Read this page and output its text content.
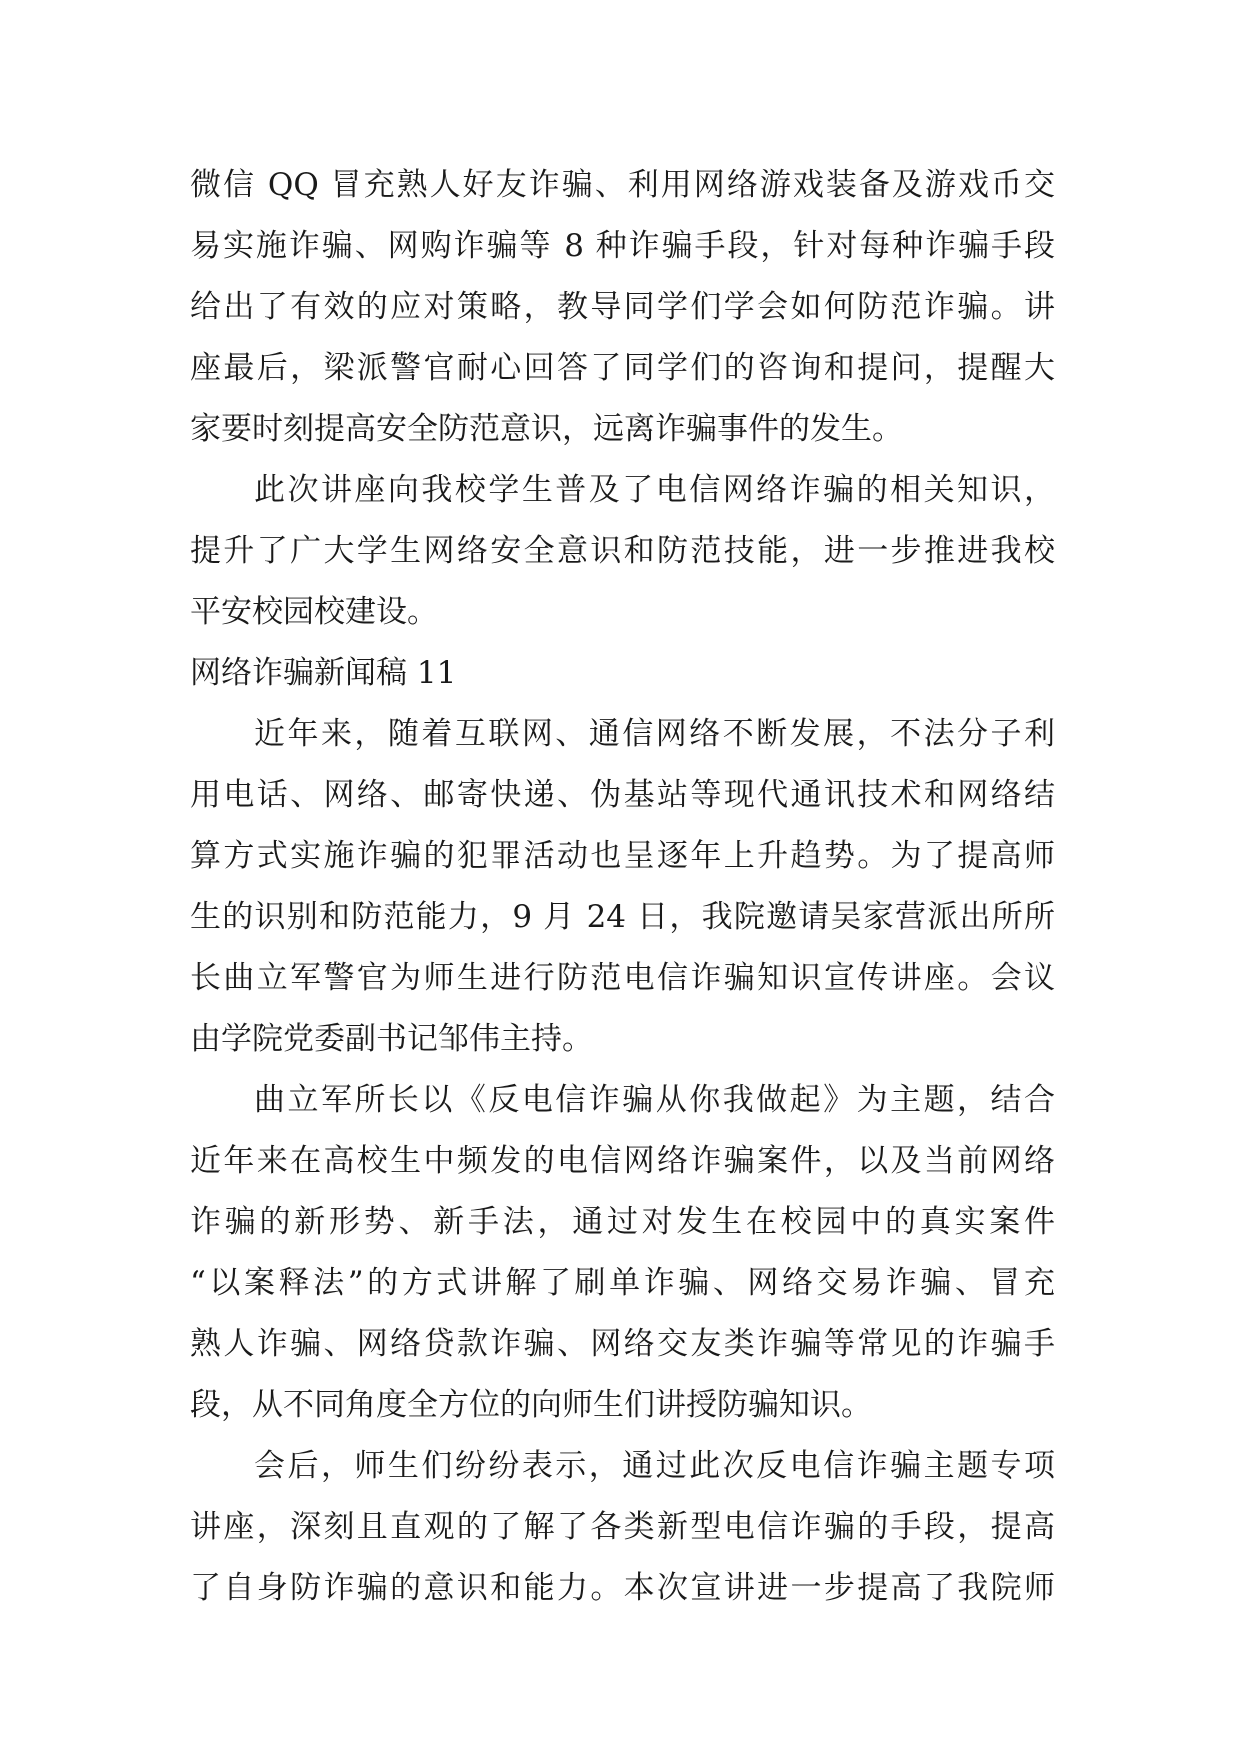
微信 QQ 冒充熟人好友诈骗、利用网络游戏装备及游戏币交
易实施诈骗、网购诈骗等 8 种诈骗手段，针对每种诈骗手段
给出了有效的应对策略，教导同学们学会如何防范诈骗。讲
座最后，梁派警官耐心回答了同学们的咨询和提问，提醒大
家要时刻提高安全防范意识，远离诈骗事件的发生。
此次讲座向我校学生普及了电信网络诈骗的相关知识，
提升了广大学生网络安全意识和防范技能，进一步推进我校
平安校园校建设。
网络诈骗新闻稿 11
近年来，随着互联网、通信网络不断发展，不法分子利
用电话、网络、邮寄快递、伪基站等现代通讯技术和网络结
算方式实施诈骗的犯罪活动也呈逐年上升趋势。为了提高师
生的识别和防范能力，9 月 24 日，我院邀请吴家营派出所所
长曲立军警官为师生进行防范电信诈骗知识宣传讲座。会议
由学院党委副书记邹伟主持。
曲立军所长以《反电信诈骗从你我做起》为主题，结合
近年来在高校生中频发的电信网络诈骗案件，以及当前网络
诈骗的新形势、新手法，通过对发生在校园中的真实案件
“以案释法”的方式讲解了刷单诈骗、网络交易诈骗、冒充
熟人诈骗、网络贷款诈骗、网络交友类诈骗等常见的诈骗手
段，从不同角度全方位的向师生们讲授防骗知识。
会后，师生们纷纷表示，通过此次反电信诈骗主题专项
讲座，深刻且直观的了解了各类新型电信诈骗的手段，提高
了自身防诈骗的意识和能力。本次宣讲进一步提高了我院师
